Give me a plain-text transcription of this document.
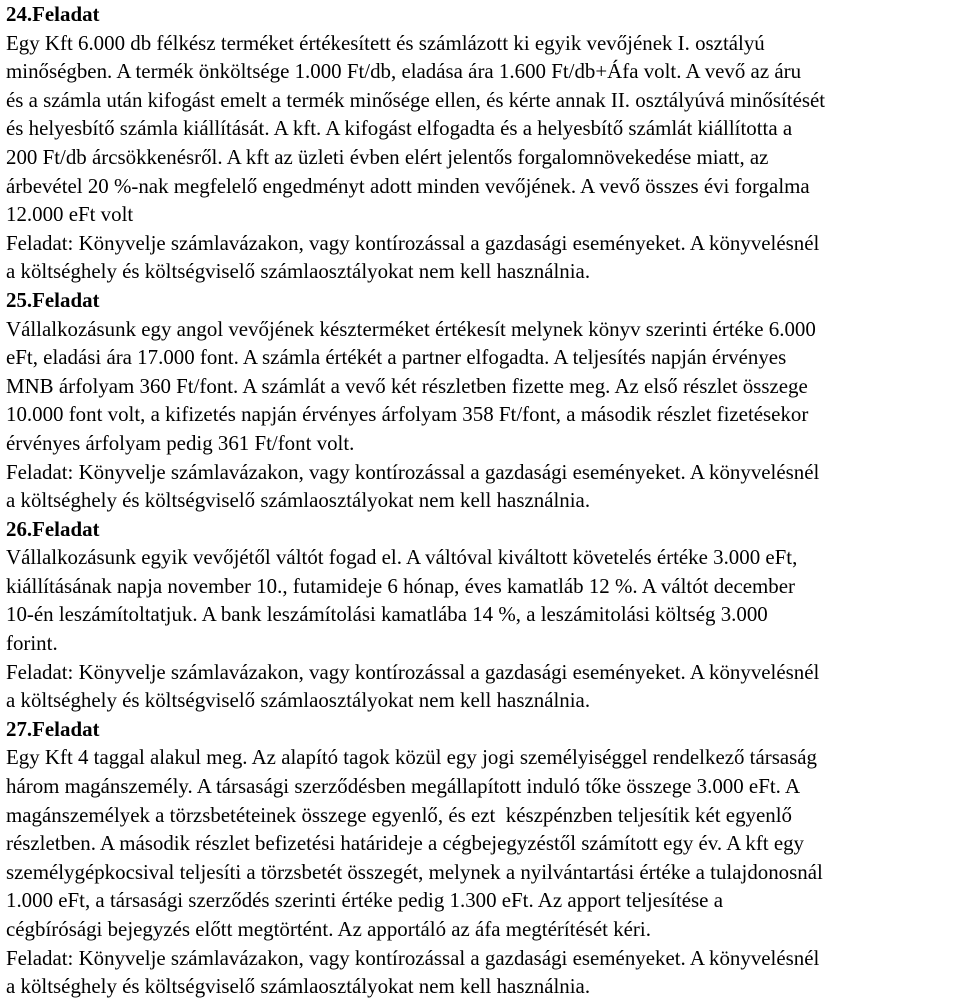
24.Feladat
Egy Kft 6.000 db félkész terméket értékesített és számlázott ki egyik vevőjének I. osztályú
minőségben. A termék önköltsége 1.000 Ft/db, eladása ára 1.600 Ft/db+Áfa volt. A vevő az áru
és a számla után kifogást emelt a termék minősége ellen, és kérte annak II. osztályúvá minősítését
és helyesbítő számla kiállítását. A kft. A kifogást elfogadta és a helyesbítő számlát kiállította a
200 Ft/db árcsökkenésről. A kft az üzleti évben elért jelentős forgalomnövekedése miatt, az
árbevétel 20 %-nak megfelelő engedményt adott minden vevőjének. A vevő összes évi forgalma
12.000 eFt volt
Feladat: Könyvelje számlavázakon, vagy kontírozással a gazdasági eseményeket. A könyvelésnél
a költséghely és költségviselő számlaosztályokat nem kell használnia.
25.Feladat
Vállalkozásunk egy angol vevőjének készterméket értékesít melynek könyv szerinti értéke 6.000
eFt, eladási ára 17.000 font. A számla értékét a partner elfogadta. A teljesítés napján érvényes
MNB árfolyam 360 Ft/font. A számlát a vevő két részletben fizette meg. Az első részlet összege
10.000 font volt, a kifizetés napján érvényes árfolyam 358 Ft/font, a második részlet fizetésekor
érvényes árfolyam pedig 361 Ft/font volt.
Feladat: Könyvelje számlavázakon, vagy kontírozással a gazdasági eseményeket. A könyvelésnél
a költséghely és költségviselő számlaosztályokat nem kell használnia.
26.Feladat
Vállalkozásunk egyik vevőjétől váltót fogad el. A váltóval kiváltott követelés értéke 3.000 eFt,
kiállításának napja november 10., futamideje 6 hónap, éves kamatláb 12 %. A váltót december
10-én leszámítoltatjuk. A bank leszámítolási kamatlába 14 %, a leszámitolási költség 3.000
forint.
Feladat: Könyvelje számlavázakon, vagy kontírozással a gazdasági eseményeket. A könyvelésnél
a költséghely és költségviselő számlaosztályokat nem kell használnia.
27.Feladat
Egy Kft 4 taggal alakul meg. Az alapító tagok közül egy jogi személyiséggel rendelkező társaság
három magánszemély. A társasági szerződésben megállapított induló tőke összege 3.000 eFt. A
magánszemélyek a törzsbetéteinek összege egyenlő, és ezt  készpénzben teljesítik két egyenlő
részletben. A második részlet befizetési határideje a cégbejegyzéstől számított egy év. A kft egy
személygépkocsival teljesíti a törzsbetét összegét, melynek a nyilvántartási értéke a tulajdonosnál
1.000 eFt, a társasági szerződés szerinti értéke pedig 1.300 eFt. Az apport teljesítése a
cégbírósági bejegyzés előtt megtörtént. Az apportáló az áfa megtérítését kéri.
Feladat: Könyvelje számlavázakon, vagy kontírozással a gazdasági eseményeket. A könyvelésnél
a költséghely és költségviselő számlaosztályokat nem kell használnia.
